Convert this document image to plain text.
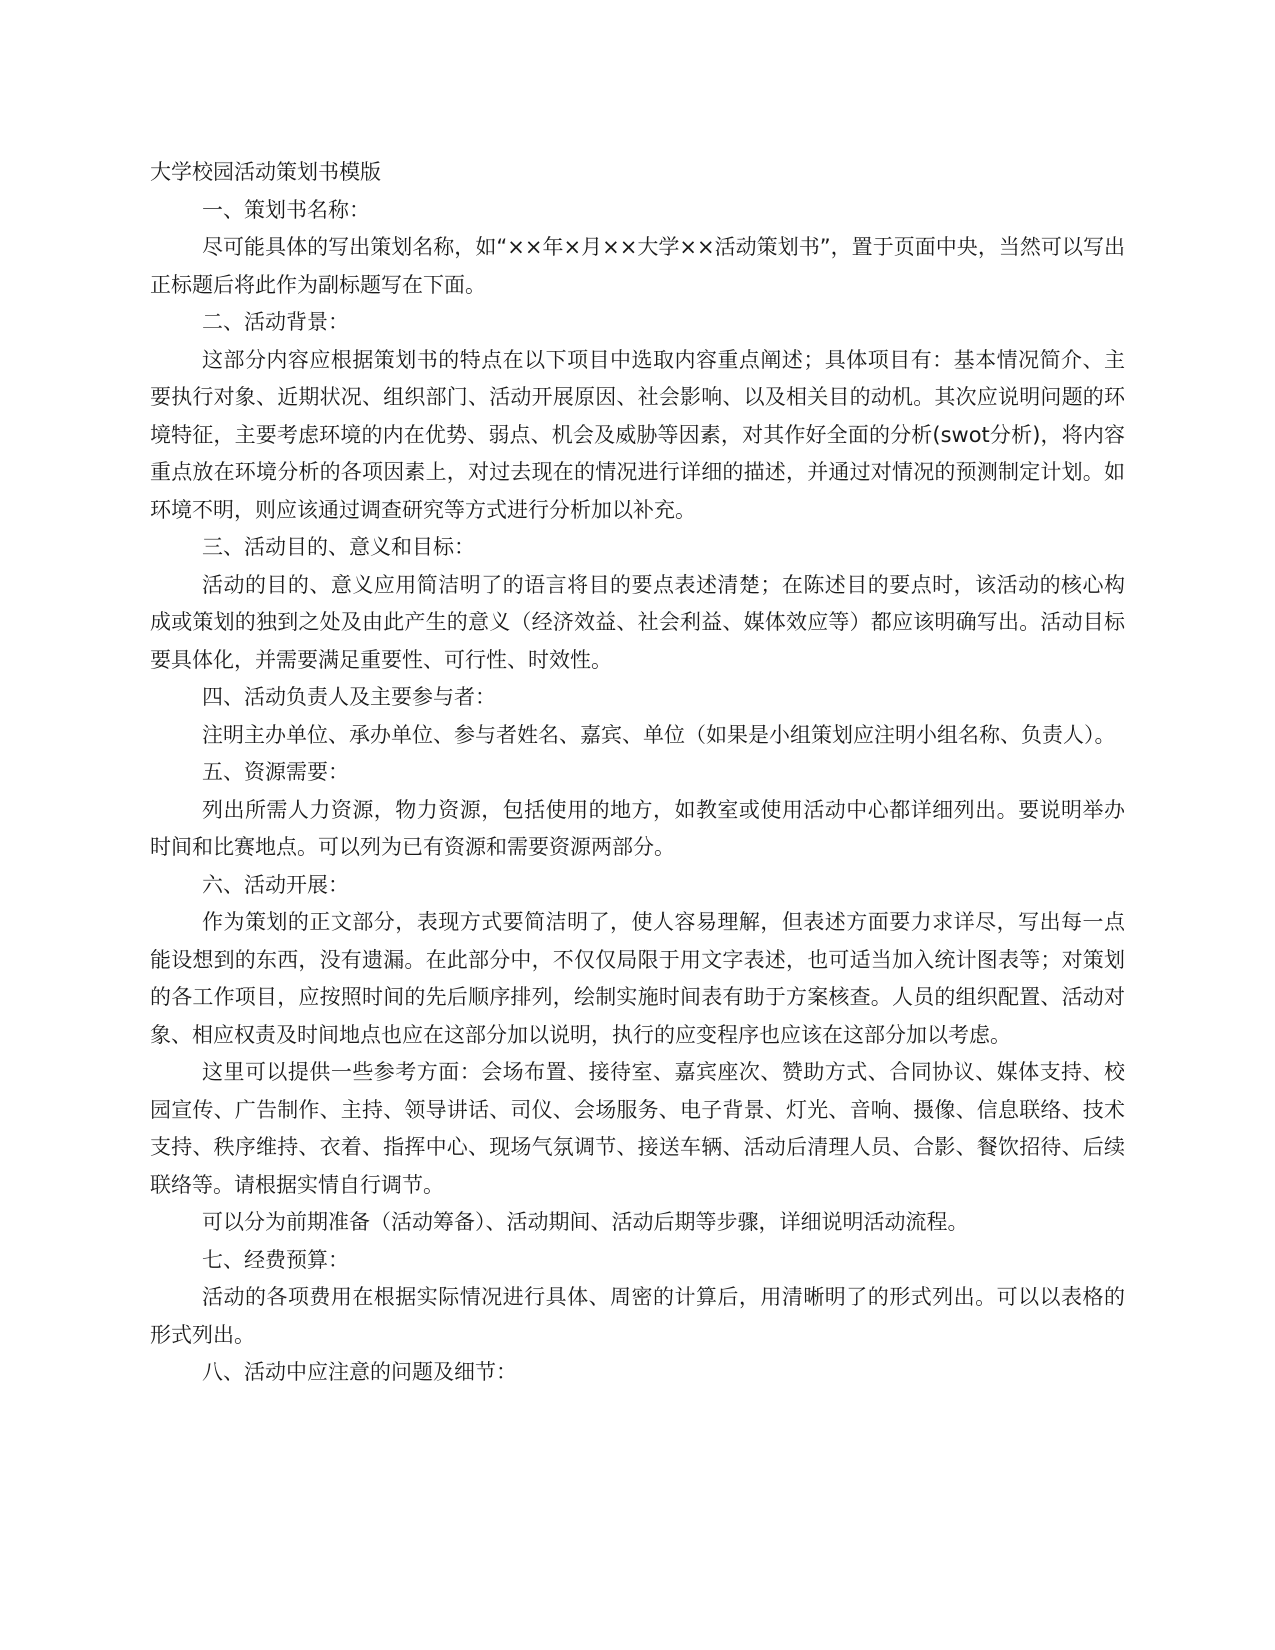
大学校园活动策划书模版

一、策划书名称：

尽可能具体的写出策划名称，如“××年×月××大学××活动策划书”，置于页面中央，当然可以写出正标题后将此作为副标题写在下面。

二、活动背景：

这部分内容应根据策划书的特点在以下项目中选取内容重点阐述；具体项目有：基本情况简介、主要执行对象、近期状况、组织部门、活动开展原因、社会影响、以及相关目的动机。其次应说明问题的环境特征，主要考虑环境的内在优势、弱点、机会及威胁等因素，对其作好全面的分析(swot分析)，将内容重点放在环境分析的各项因素上，对过去现在的情况进行详细的描述，并通过对情况的预测制定计划。如环境不明，则应该通过调查研究等方式进行分析加以补充。

三、活动目的、意义和目标：

活动的目的、意义应用简洁明了的语言将目的要点表述清楚；在陈述目的要点时，该活动的核心构成或策划的独到之处及由此产生的意义（经济效益、社会利益、媒体效应等）都应该明确写出。活动目标要具体化，并需要满足重要性、可行性、时效性。

四、活动负责人及主要参与者：

注明主办单位、承办单位、参与者姓名、嘉宾、单位（如果是小组策划应注明小组名称、负责人）。

五、资源需要：

列出所需人力资源，物力资源，包括使用的地方，如教室或使用活动中心都详细列出。要说明举办时间和比赛地点。可以列为已有资源和需要资源两部分。

六、活动开展：

作为策划的正文部分，表现方式要简洁明了，使人容易理解，但表述方面要力求详尽，写出每一点能设想到的东西，没有遗漏。在此部分中，不仅仅局限于用文字表述，也可适当加入统计图表等；对策划的各工作项目，应按照时间的先后顺序排列，绘制实施时间表有助于方案核查。人员的组织配置、活动对象、相应权责及时间地点也应在这部分加以说明，执行的应变程序也应该在这部分加以考虑。

这里可以提供一些参考方面：会场布置、接待室、嘉宾座次、赞助方式、合同协议、媒体支持、校园宣传、广告制作、主持、领导讲话、司仪、会场服务、电子背景、灯光、音响、摄像、信息联络、技术支持、秩序维持、衣着、指挥中心、现场气氛调节、接送车辆、活动后清理人员、合影、餐饮招待、后续联络等。请根据实情自行调节。

可以分为前期准备（活动筹备）、活动期间、活动后期等步骤，详细说明活动流程。

七、经费预算：

活动的各项费用在根据实际情况进行具体、周密的计算后，用清晰明了的形式列出。可以以表格的形式列出。

八、活动中应注意的问题及细节：
